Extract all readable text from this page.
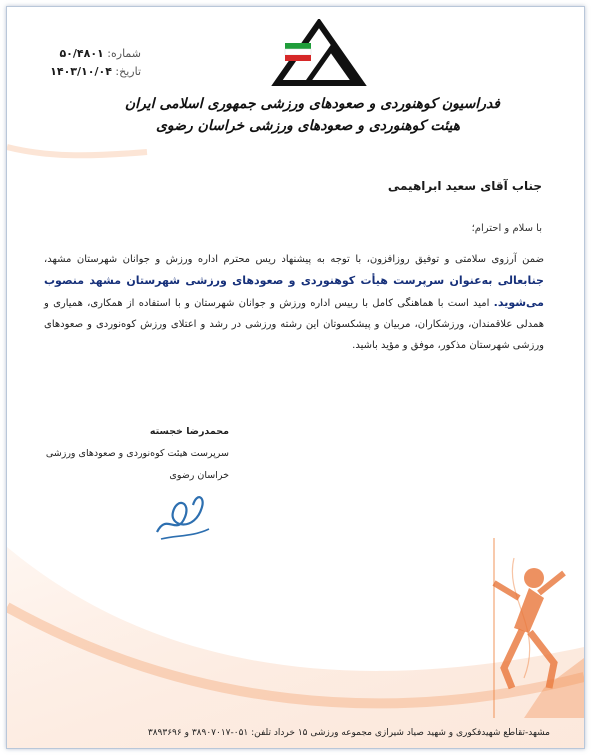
شماره: ۵۰/۴۸۰۱
تاریخ: ۱۴۰۳/۱۰/۰۴
فدراسیون کوهنوردی و صعودهای ورزشی جمهوری اسلامی ایران
هیئت کوهنوردی و صعودهای ورزشی خراسان رضوی
جناب آقای سعید ابراهیمی
با سلام و احترام؛
ضمن آرزوی سلامتی و توفیق روزافزون، با توجه به پیشنهاد ریس محترم اداره ورزش و جوانان شهرستان مشهد، جنابعالی به‌عنوان سرپرست هیأت کوهنوردی و صعودهای ورزشی شهرستان مشهد منصوب می‌شوید. امید است با هماهنگی کامل با رییس اداره ورزش و جوانان شهرستان و با استفاده از همکاری، همیاری و همدلی علاقمندان، ورزشکاران، مربیان و پیشکسوتان این رشته ورزشی در رشد و اعتلای ورزش کوه‌نوردی و صعودهای ورزشی شهرستان مذکور، موفق و مؤید باشید.
محمدرضا خجسته
سرپرست هیئت کوه‌نوردی و صعودهای ورزشی
خراسان رضوی
مشهد-تقاطع شهیدفکوری و شهید صیاد شیرازی مجموعه ورزشی ۱۵ خرداد تلفن: ۰۵۱-۳۸۹۰۷۰۱۷ و ۳۸۹۳۶۹۶
